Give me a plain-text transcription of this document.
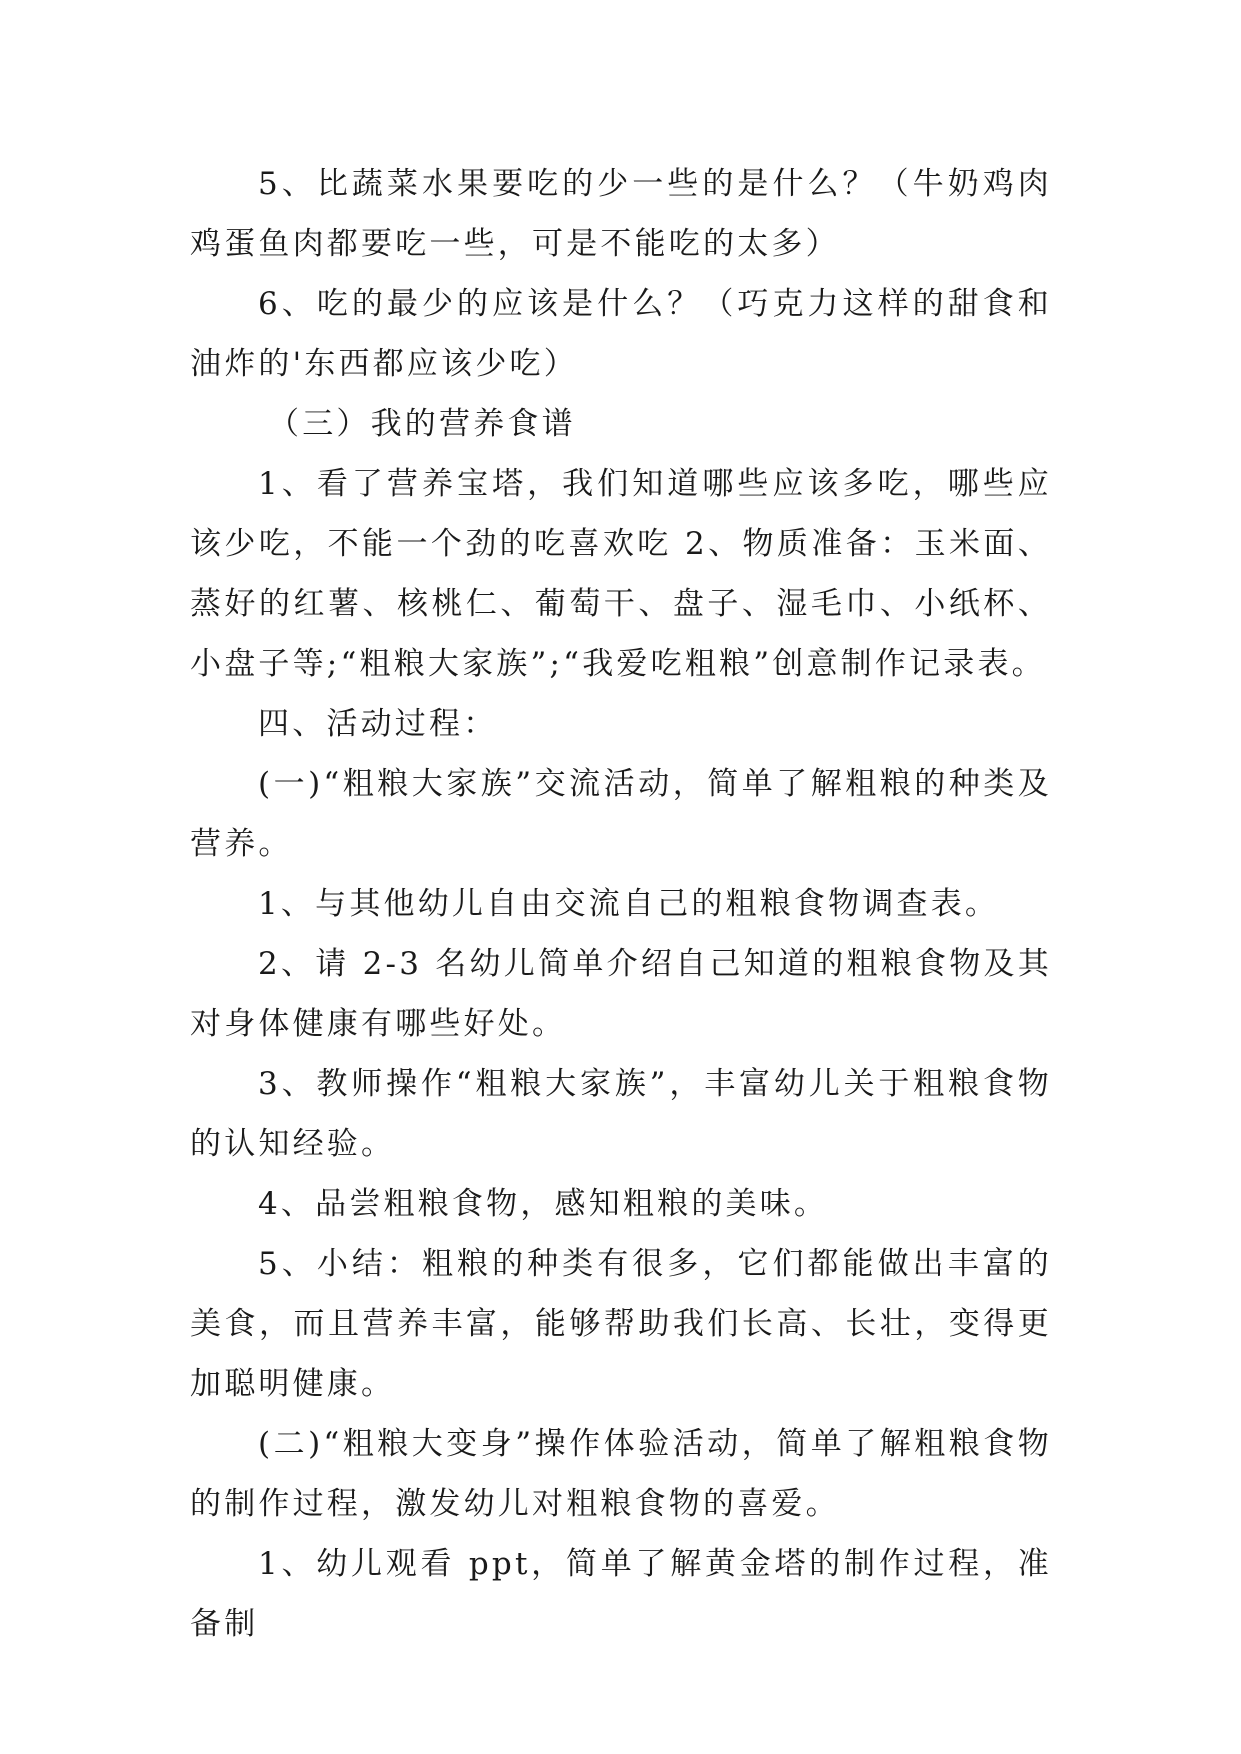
5、比蔬菜水果要吃的少一些的是什么？（牛奶鸡肉鸡蛋鱼肉都要吃一些，可是不能吃的太多）

6、吃的最少的应该是什么？（巧克力这样的甜食和油炸的'东西都应该少吃）

（三）我的营养食谱

1、看了营养宝塔，我们知道哪些应该多吃，哪些应该少吃，不能一个劲的吃喜欢吃 2、物质准备：玉米面、蒸好的红薯、核桃仁、葡萄干、盘子、湿毛巾、小纸杯、小盘子等;“粗粮大家族”;“我爱吃粗粮”创意制作记录表。

四、活动过程：

(一)“粗粮大家族”交流活动，简单了解粗粮的种类及营养。

1、与其他幼儿自由交流自己的粗粮食物调查表。

2、请 2-3 名幼儿简单介绍自己知道的粗粮食物及其对身体健康有哪些好处。

3、教师操作“粗粮大家族”，丰富幼儿关于粗粮食物的认知经验。

4、品尝粗粮食物，感知粗粮的美味。

5、小结：粗粮的种类有很多，它们都能做出丰富的美食，而且营养丰富，能够帮助我们长高、长壮，变得更加聪明健康。

(二)“粗粮大变身”操作体验活动，简单了解粗粮食物的制作过程，激发幼儿对粗粮食物的喜爱。

1、幼儿观看 ppt，简单了解黄金塔的制作过程，准备制
